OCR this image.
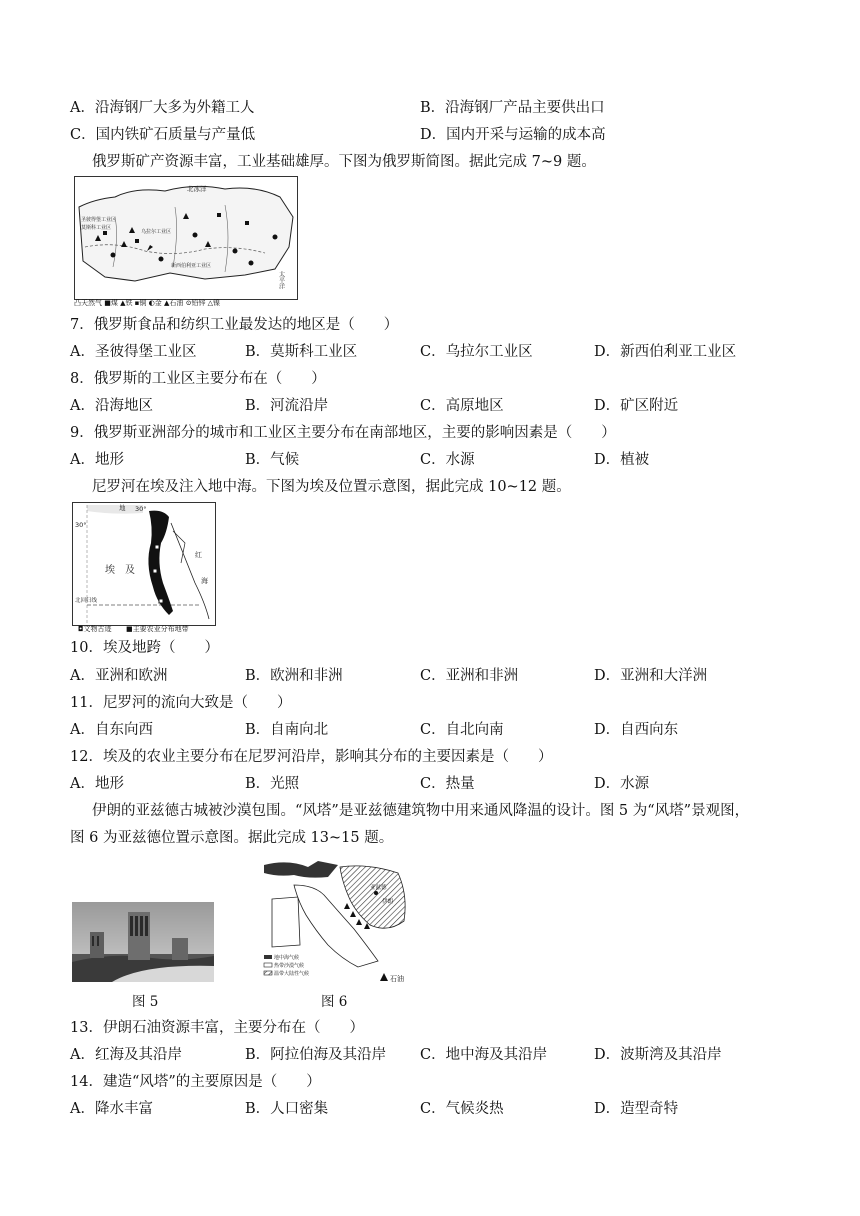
A．沿海钢厂大多为外籍工人	B．沿海钢厂产品主要供出口
C．国内铁矿石质量与产量低	D．国内开采与运输的成本高
俄罗斯矿产资源丰富，工业基础雄厚。下图为俄罗斯简图。据此完成 7~9 题。
北冰洋
圣彼得堡工业区
莫斯科工业区
乌拉尔工业区
新西伯利亚工业区
太平洋
凸天然气 ■煤 ▲铁 ▪铜 ◐金 ▲石油 ⊙铅锌 △镍
7．俄罗斯食品和纺织工业最发达的地区是（　　）
A．圣彼得堡工业区	B．莫斯科工业区	C．乌拉尔工业区	D．新西伯利亚工业区
8．俄罗斯的工业区主要分布在（　　）
A．沿海地区	B．河流沿岸	C．高原地区	D．矿区附近
9．俄罗斯亚洲部分的城市和工业区主要分布在南部地区，主要的影响因素是（　　）
A．地形	B．气候	C．水源	D．植被
尼罗河在埃及注入地中海。下图为埃及位置示意图，据此完成 10~12 题。
30°
30°
地
埃　及
红
海
北回归线
◘文物古迹 ■主要农业分布地带
10．埃及地跨（　　）
A．亚洲和欧洲	B．欧洲和非洲	C．亚洲和非洲	D．亚洲和大洋洲
11．尼罗河的流向大致是（　　）
A．自东向西	B．自南向北	C．自北向南	D．自西向东
12．埃及的农业主要分布在尼罗河沿岸，影响其分布的主要因素是（　　）
A．地形	B．光照	C．热量	D．水源
伊朗的亚兹德古城被沙漠包围。“风塔”是亚兹德建筑物中用来通风降温的设计。图 5 为“风塔”景观图，
图 6 为亚兹德位置示意图。据此完成 13~15 题。
图 5
亚兹德
伊朗
地中海气候
热带沙漠气候
温带大陆性气候
石油
图 6
13．伊朗石油资源丰富，主要分布在（　　）
A．红海及其沿岸	B．阿拉伯海及其沿岸 C．地中海及其沿岸	D．波斯湾及其沿岸
14．建造“风塔”的主要原因是（　　）
A．降水丰富	B．人口密集	C．气候炎热	D．造型奇特
